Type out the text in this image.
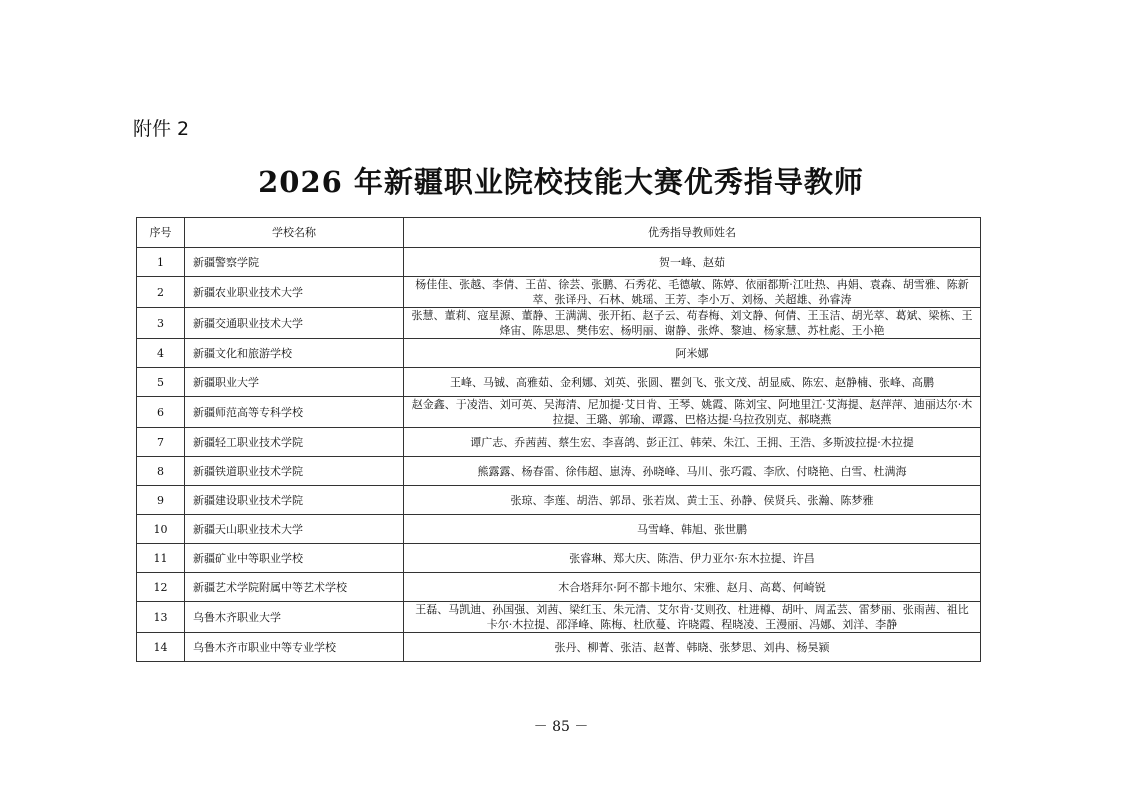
附件 2
2026 年新疆职业院校技能大赛优秀指导教师
序号	学校名称	优秀指导教师姓名
1	新疆警察学院	贺一峰、赵茹
2	新疆农业职业技术大学	杨佳佳、张越、李倩、王苗、徐芸、张鹏、石秀花、毛德敏、陈婷、依丽都斯·江吐热、冉娟、袁森、胡雪雅、陈新萃、张译丹、石林、姚瑶、王芳、李小万、刘杨、关超雄、孙睿涛
3	新疆交通职业技术大学	张慧、董莉、寇星源、董静、王满满、张开拓、赵子云、苟春梅、刘文静、何倩、王玉洁、胡光萃、葛斌、梁栋、王烽宙、陈思思、樊伟宏、杨明丽、谢静、张烨、黎迪、杨家慧、苏杜彪、王小艳
4	新疆文化和旅游学校	阿米娜
5	新疆职业大学	王峰、马铖、高雅茹、金利娜、刘英、张圆、瞿剑飞、张文茂、胡显威、陈宏、赵静楠、张峰、高鹏
6	新疆师范高等专科学校	赵金鑫、于凌浩、刘可英、吴海清、尼加提·艾日肯、王琴、姚霞、陈刘宝、阿地里江·艾海提、赵萍萍、迪丽达尔·木拉提、王璐、郭瑜、谭露、巴格达提·乌拉孜别克、郝晓燕
7	新疆轻工职业技术学院	谭广志、乔茜茜、蔡生宏、李喜鸽、彭正江、韩荣、朱江、王拥、王浩、多斯波拉提·木拉提
8	新疆铁道职业技术学院	熊露露、杨春雷、徐伟超、崽涛、孙晓峰、马川、张巧霞、李欣、付晓艳、白雪、杜满海
9	新疆建设职业技术学院	张琼、李莲、胡浩、郭昂、张若岚、黄士玉、孙静、侯贤兵、张瀚、陈梦雅
10	新疆天山职业技术大学	马雪峰、韩旭、张世鹏
11	新疆矿业中等职业学校	张睿琳、郑大庆、陈浩、伊力亚尔·东木拉提、许昌
12	新疆艺术学院附属中等艺术学校	木合塔拜尔·阿不都卡地尔、宋雅、赵月、高葛、何崎锐
13	乌鲁木齐职业大学	王磊、马凯迪、孙国强、刘茜、梁红玉、朱元清、艾尔肯·艾则孜、杜进樽、胡叶、周孟芸、雷梦丽、张雨茜、祖比卡尔·木拉提、邵泽峰、陈梅、杜欣蔓、许晓霞、程晓凌、王漫丽、冯娜、刘洋、李静
14	乌鲁木齐市职业中等专业学校	张丹、柳菁、张洁、赵菁、韩晓、张梦思、刘冉、杨昊颍
－ 85 －
